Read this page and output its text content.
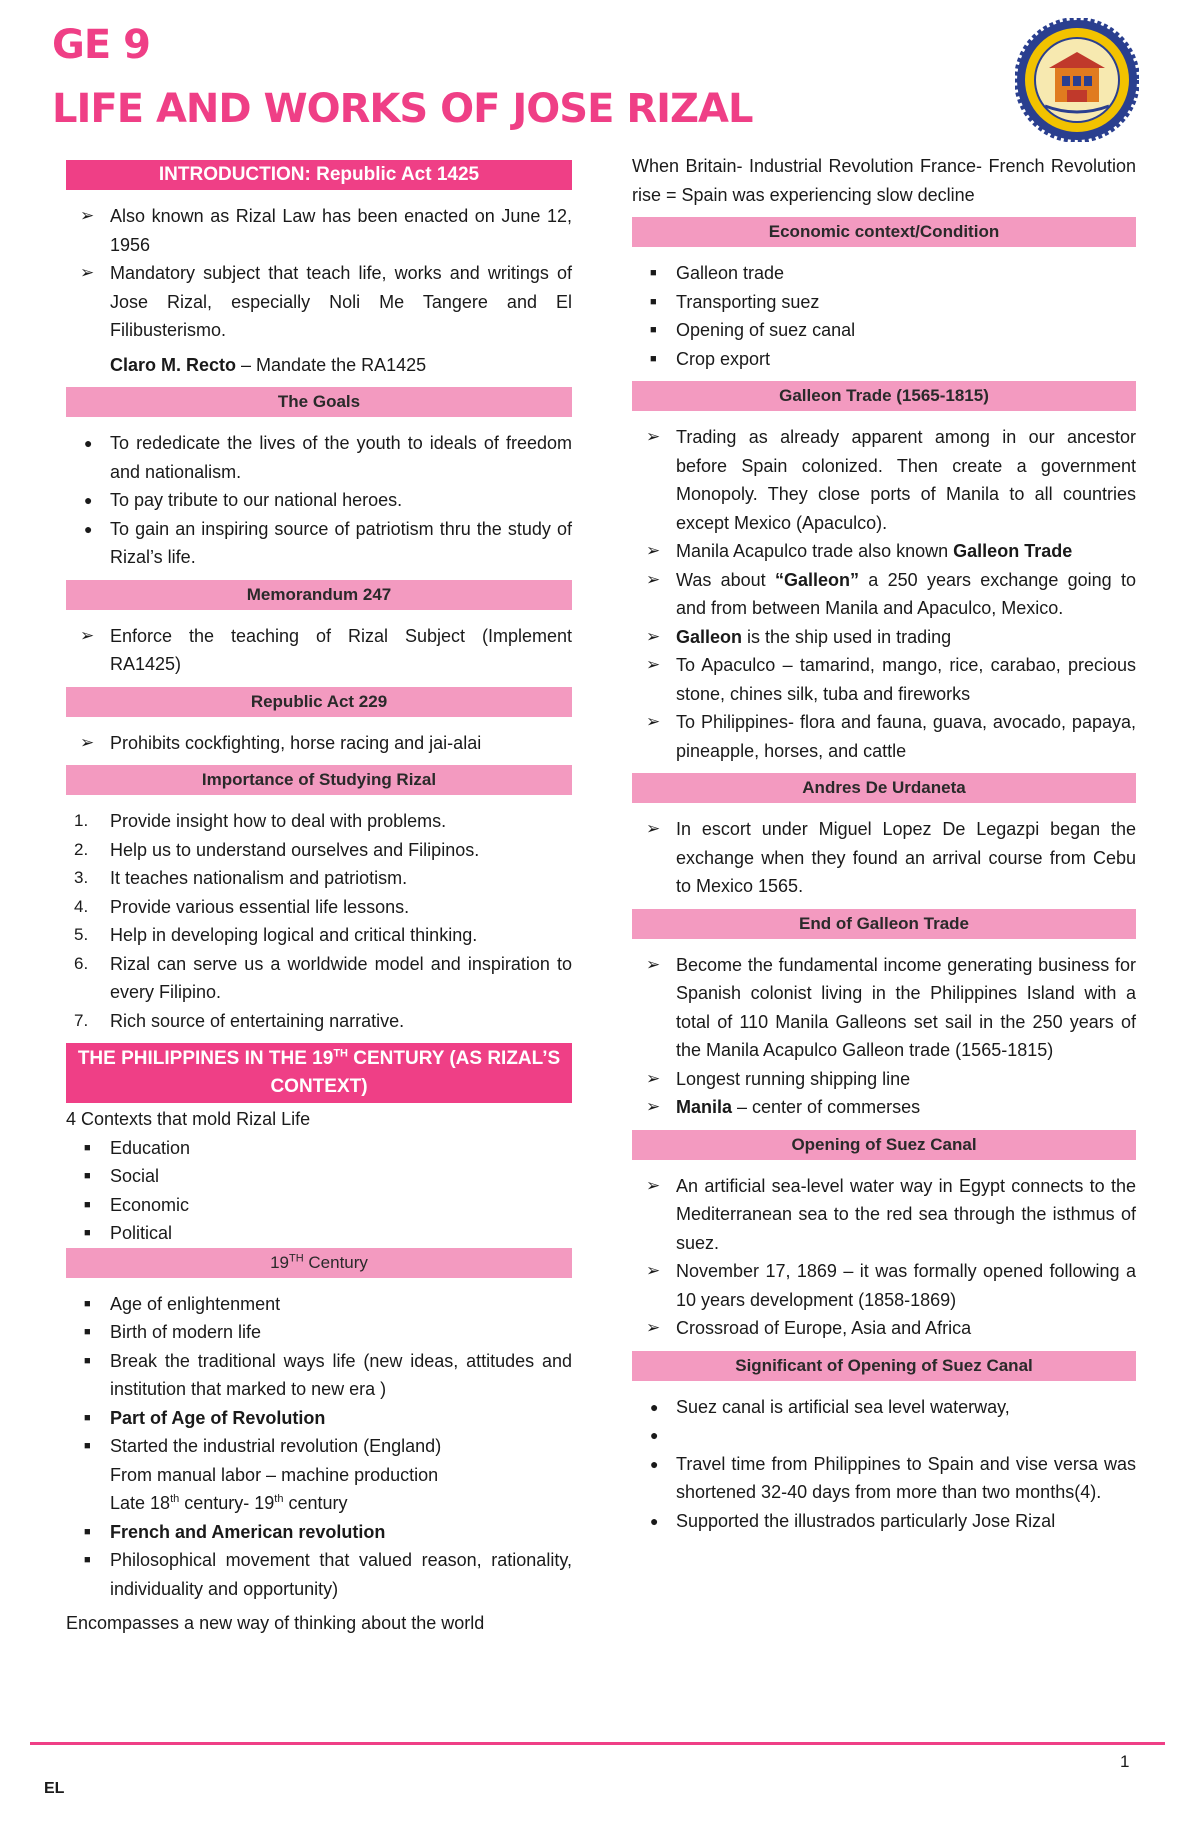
GE 9
LIFE AND WORKS OF JOSE RIZAL
INTRODUCTION: Republic Act 1425
➢ Also known as Rizal Law has been enacted on June 12, 1956
➢ Mandatory subject that teach life, works and writings of Jose Rizal, especially Noli Me Tangere and El Filibusterismo.
Claro M. Recto – Mandate the RA1425
The Goals
● To rededicate the lives of the youth to ideals of freedom and nationalism.
● To pay tribute to our national heroes.
● To gain an inspiring source of patriotism thru the study of Rizal’s life.
Memorandum 247
➢ Enforce the teaching of Rizal Subject (Implement RA1425)
Republic Act 229
➢ Prohibits cockfighting, horse racing and jai-alai
Importance of Studying Rizal
1. Provide insight how to deal with problems.
2. Help us to understand ourselves and Filipinos.
3. It teaches nationalism and patriotism.
4. Provide various essential life lessons.
5. Help in developing logical and critical thinking.
6. Rizal can serve us a worldwide model and inspiration to every Filipino.
7. Rich source of entertaining narrative.
THE PHILIPPINES IN THE 19TH CENTURY (AS RIZAL’S CONTEXT)
4 Contexts that mold Rizal Life
■ Education
■ Social
■ Economic
■ Political
19TH Century
■ Age of enlightenment
■ Birth of modern life
■ Break the traditional ways life (new ideas, attitudes and institution that marked to new era )
■ Part of Age of Revolution
■ Started the industrial revolution (England)
From manual labor – machine production
Late 18th century- 19th century
■ French and American revolution
■ Philosophical movement that valued reason, rationality, individuality and opportunity)
Encompasses a new way of thinking about the world
When Britain- Industrial Revolution France- French Revolution rise = Spain was experiencing slow decline
Economic context/Condition
■ Galleon trade
■ Transporting suez
■ Opening of suez canal
■ Crop export
Galleon Trade (1565-1815)
➢ Trading as already apparent among in our ancestor before Spain colonized. Then create a government Monopoly. They close ports of Manila to all countries except Mexico (Apaculco).
➢ Manila Acapulco trade also known Galleon Trade
➢ Was about “Galleon” a 250 years exchange going to and from between Manila and Apaculco, Mexico.
➢ Galleon is the ship used in trading
➢ To Apaculco – tamarind, mango, rice, carabao, precious stone, chines silk, tuba and fireworks
➢ To Philippines- flora and fauna, guava, avocado, papaya, pineapple, horses, and cattle
Andres De Urdaneta
➢ In escort under Miguel Lopez De Legazpi began the exchange when they found an arrival course from Cebu to Mexico 1565.
End of Galleon Trade
➢ Become the fundamental income generating business for Spanish colonist living in the Philippines Island with a total of 110 Manila Galleons set sail in the 250 years of the Manila Acapulco Galleon trade (1565-1815)
➢ Longest running shipping line
➢ Manila – center of commerses
Opening of Suez Canal
➢ An artificial sea-level water way in Egypt connects to the Mediterranean sea to the red sea through the isthmus of suez.
➢ November 17, 1869 – it was formally opened following a 10 years development (1858-1869)
➢ Crossroad of Europe, Asia and Africa
Significant of Opening of Suez Canal
● Suez canal is artificial sea level waterway,
●
● Travel time from Philippines to Spain and vise versa was shortened 32-40 days from more than two months(4).
● Supported the illustrados particularly Jose Rizal
1
EL
